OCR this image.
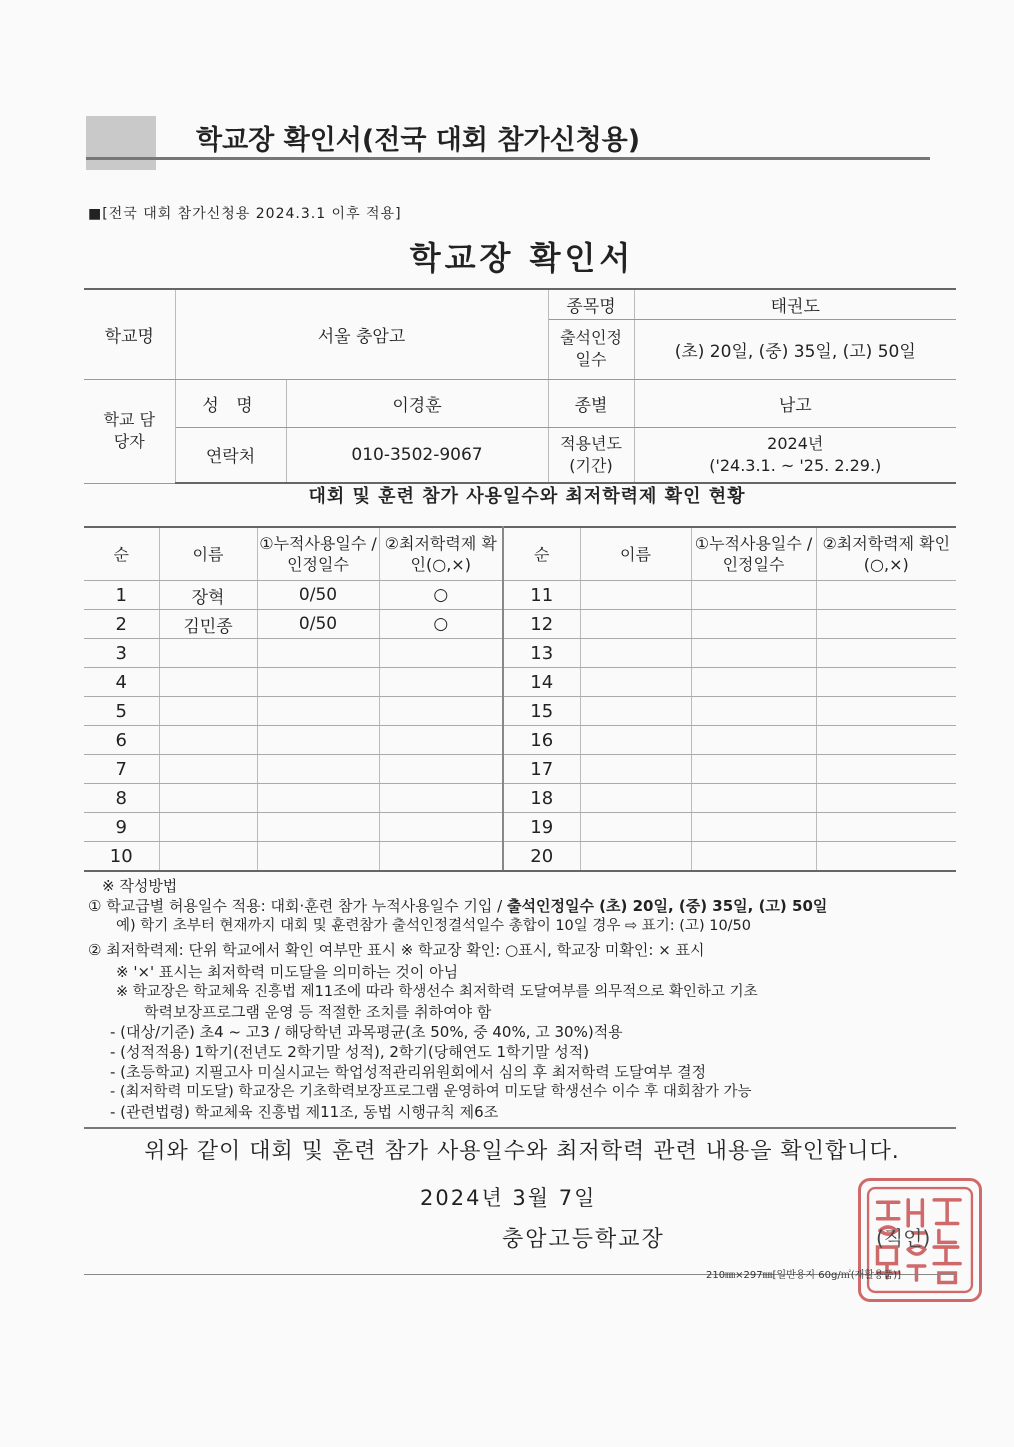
학교장 확인서(전국 대회 참가신청용)
■[전국 대회 참가신청용 2024.3.1 이후 적용]
학교장 확인서
학교명	서울 충암고		종목명	태권도
			출석인정 일수	(초) 20일, (중) 35일, (고) 50일
학교 담당자	성 명	이경훈	종별	남고
	연락처	010-3502-9067	적용년도 (기간)	2024년
('24.3.1. ~ '25. 2.29.)
대회 및 훈련 참가 사용일수와 최저학력제 확인 현황
순	이름	①누적사용일수 /인정일수	②최저학력제 확인(○,×)	순	이름	①누적사용일수 /인정일수	②최저학력제 확인(○,×)
1	장혁	0/50	○	11			
2	김민종	0/50	○	12			
3				13			
4				14			
5				15			
6				16			
7				17			
8				18			
9				19			
10				20			
※ 작성방법
① 학교급별 허용일수 적용: 대회·훈련 참가 누적사용일수 기입 / 출석인정일수 (초) 20일, (중) 35일, (고) 50일
예) 학기 초부터 현재까지 대회 및 훈련참가 출석인정결석일수 총합이 10일 경우 ⇨ 표기: (고) 10/50
② 최저학력제: 단위 학교에서 확인 여부만 표시 ※ 학교장 확인: ○표시, 학교장 미확인: × 표시
※ '×' 표시는 최저학력 미도달을 의미하는 것이 아님
※ 학교장은 학교체육 진흥법 제11조에 따라 학생선수 최저학력 도달여부를 의무적으로 확인하고 기초
학력보장프로그램 운영 등 적절한 조치를 취하여야 함
- (대상/기준) 초4 ~ 고3 / 해당학년 과목평균(초 50%, 중 40%, 고 30%)적용
- (성적적용) 1학기(전년도 2학기말 성적), 2학기(당해연도 1학기말 성적)
- (초등학교) 지필고사 미실시교는 학업성적관리위원회에서 심의 후 최저학력 도달여부 결정
- (최저학력 미도달) 학교장은 기초학력보장프로그램 운영하여 미도달 학생선수 이수 후 대회참가 가능
- (관련법령) 학교체육 진흥법 제11조, 동법 시행규칙 제6조
위와 같이 대회 및 훈련 참가 사용일수와 최저학력 관련 내용을 확인합니다.
2024년 3월 7일
충암고등학교장	(직인)
210㎜×297㎜[일반용지 60g/㎡(재활용품)]
